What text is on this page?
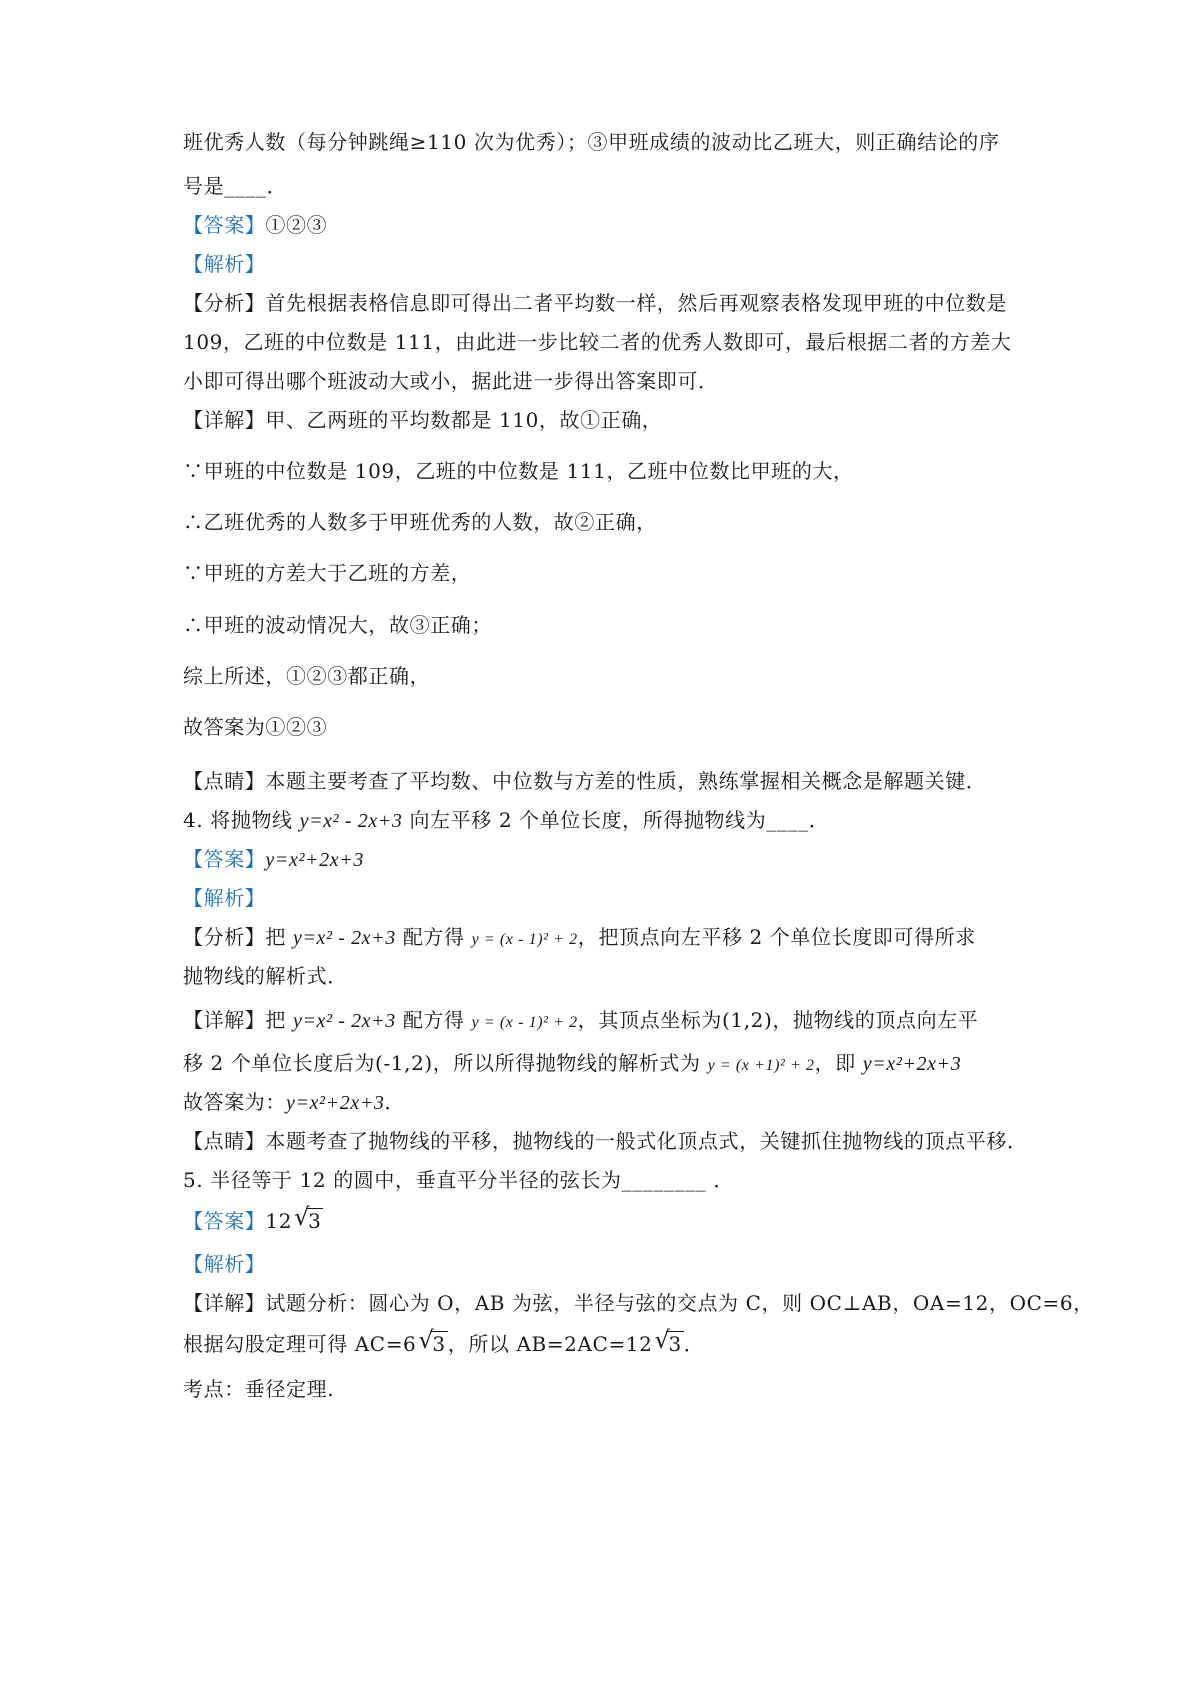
班优秀人数（每分钟跳绳≥110 次为优秀）；③甲班成绩的波动比乙班大，则正确结论的序
号是____．
【答案】①②③
【解析】
【分析】首先根据表格信息即可得出二者平均数一样，然后再观察表格发现甲班的中位数是
109，乙班的中位数是 111，由此进一步比较二者的优秀人数即可，最后根据二者的方差大
小即可得出哪个班波动大或小，据此进一步得出答案即可．
【详解】甲、乙两班的平均数都是 110，故①正确，
∵甲班的中位数是 109，乙班的中位数是 111，乙班中位数比甲班的大，
∴乙班优秀的人数多于甲班优秀的人数，故②正确，
∵甲班的方差大于乙班的方差，
∴甲班的波动情况大，故③正确；
综上所述，①②③都正确，
故答案为①②③
【点睛】本题主要考查了平均数、中位数与方差的性质，熟练掌握相关概念是解题关键．
4. 将抛物线 y=x² - 2x+3 向左平移 2 个单位长度，所得抛物线为____．
【答案】y=x²+2x+3
【解析】
【分析】把 y=x² - 2x+3 配方得 y = (x - 1)² + 2，把顶点向左平移 2 个单位长度即可得所求
抛物线的解析式．
【详解】把 y=x² - 2x+3 配方得 y = (x - 1)² + 2，其顶点坐标为(1,2)，抛物线的顶点向左平
移 2 个单位长度后为(-1,2)，所以所得抛物线的解析式为 y = (x +1)² + 2，即 y=x²+2x+3
故答案为：y=x²+2x+3．
【点睛】本题考查了抛物线的平移，抛物线的一般式化顶点式，关键抓住抛物线的顶点平移．
5. 半径等于 12 的圆中，垂直平分半径的弦长为________ ．
【答案】12 √ 3
【解析】
【详解】试题分析：圆心为 O，AB 为弦，半径与弦的交点为 C，则 OC⊥AB，OA=12，OC=6，
根据勾股定理可得 AC=6 √ 3 ，所以 AB=2AC=12 √ 3 ．
考点：垂径定理.
